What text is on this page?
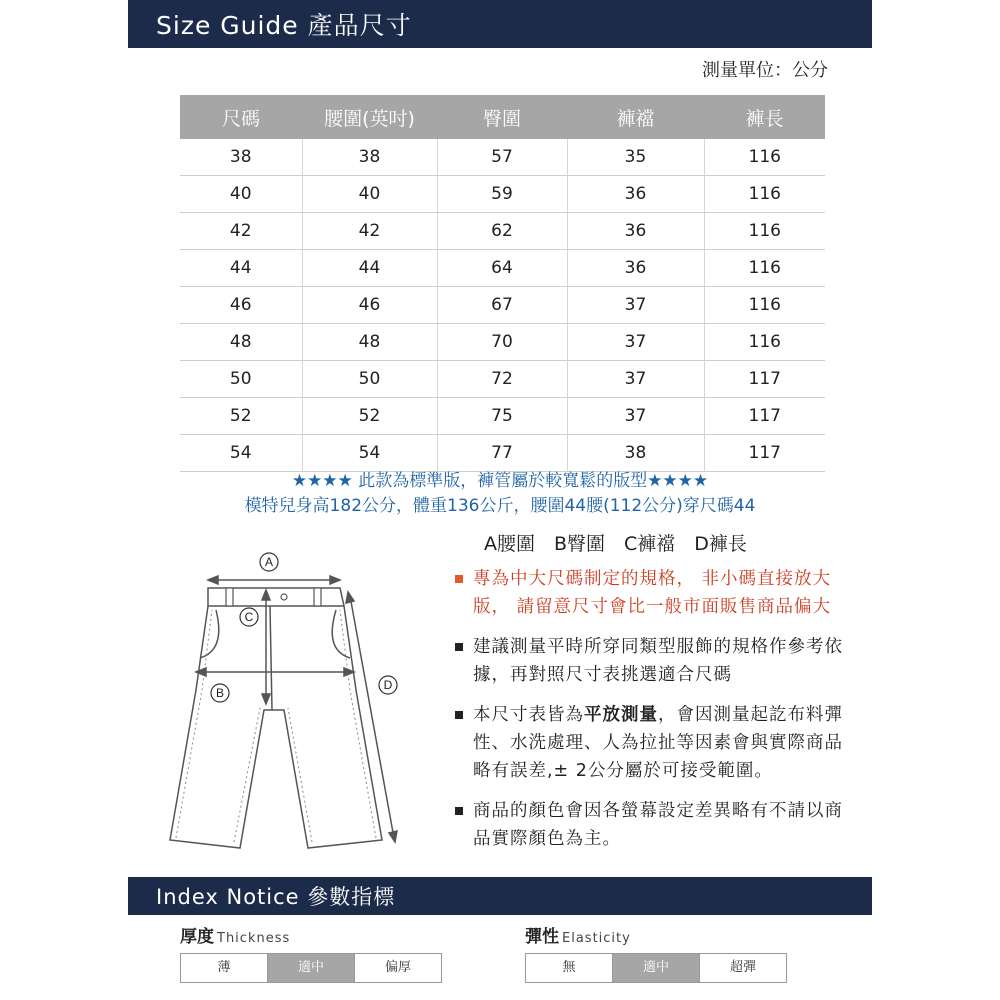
Size Guide 產品尺寸
測量單位：公分
尺碼	腰圍(英吋)	臀圍	褲襠	褲長
38	38	57	35	116
40	40	59	36	116
42	42	62	36	116
44	44	64	36	116
46	46	67	37	116
48	48	70	37	116
50	50	72	37	117
52	52	75	37	117
54	54	77	38	117
★★★★ 此款為標準版，褲管屬於較寬鬆的版型★★★★
模特兒身高182公分，體重136公斤，腰圍44腰(112公分)穿尺碼44
A腰圍　B臀圍　C褲襠　D褲長
A
C
B
D
專為中大尺碼制定的規格， 非小碼直接放大版， 請留意尺寸會比一般市面販售商品偏大
建議測量平時所穿同類型服飾的規格作參考依據，再對照尺寸表挑選適合尺碼
本尺寸表皆為平放測量，會因測量起訖布料彈性、水洗處理、人為拉扯等因素會與實際商品略有誤差,± 2公分屬於可接受範圍。
商品的顏色會因各螢幕設定差異略有不請以商品實際顏色為主。
Index Notice 參數指標
厚度 Thickness
薄	適中	偏厚
彈性 Elasticity
無	適中	超彈
